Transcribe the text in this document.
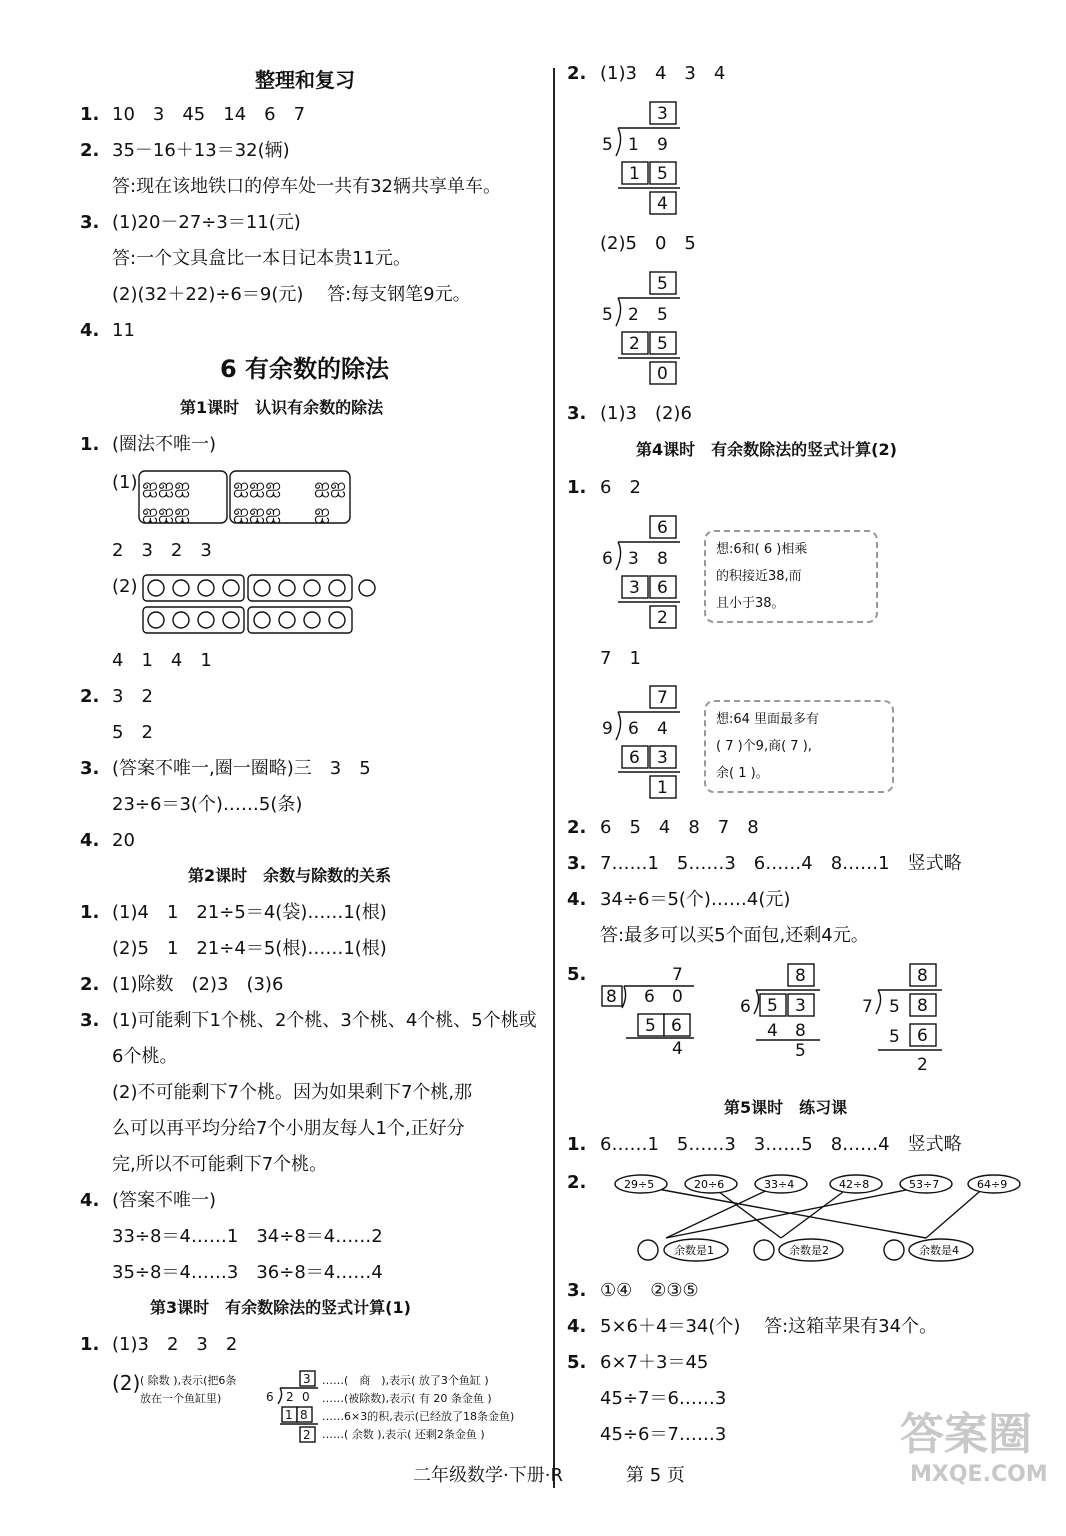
整理和复习
1. 10　3　45　14　6　7
2. 35－16＋13＝32(辆)
答:现在该地铁口的停车处一共有32辆共享单车。
3. (1)20－27÷3＝11(元)
答:一个文具盒比一本日记本贵11元。
(2)(32＋22)÷6＝9(元)　 答:每支钢笔9元。
4. 11
6 有余数的除法
第1课时　认识有余数的除法
1. (圈法不唯一)
(1) ஐஐஐ
ஐஐஐ
ஐஐஐ
ஐஐஐ
ஐஐ
ஐ
2　3　2　3
(2)
4　1　4　1
2. 3　2
5　2
3. (答案不唯一,圈一圈略)三　3　5
23÷6＝3(个)……5(条)
4. 20
第2课时　余数与除数的关系
1. (1)4　1　21÷5＝4(袋)……1(根)
(2)5　1　21÷4＝5(根)……1(根)
2. (1)除数　(2)3　(3)6
3. (1)可能剩下1个桃、2个桃、3个桃、4个桃、5个桃或
6个桃。
(2)不可能剩下7个桃。因为如果剩下7个桃,那
么可以再平均分给7个小朋友每人1个,正好分
完,所以不可能剩下7个桃。
4. (答案不唯一)
33÷8＝4……1　34÷8＝4……2
35÷8＝4……3　36÷8＝4……4
第3课时　有余数除法的竖式计算(1)
1. (1)3　2　3　2
(2) ( 除数 ),表示(把6条
放在一个鱼缸里)
……(　商　),表示( 放了3个鱼缸 )
……(被除数),表示( 有 20 条金鱼 )
……6×3的积,表示(已经放了18条金鱼)
……( 余数 ),表示( 还剩2条金鱼 )
3
6 2 0
1 8
2
2. (1)3　4　3　4
3
5 1 9
1 5
4
(2)5　0　5
5
5 2 5
2 5
0
3. (1)3　(2)6
第4课时　有余数除法的竖式计算(2)
1. 6　2
6
6 3 8
3 6
2
想:6和( 6 )相乘
的积接近38,而
且小于38。
7　1
7
9 6 4
6 3
1
想:64 里面最多有
( 7 )个9,商( 7 ),
余( 1 )。
2. 6　5　4　8　7　8
3. 7……1　5……3　6……4　8……1　竖式略
4. 34÷6＝5(个)……4(元)
答:最多可以买5个面包,还剩4元。
5.	7
8 6 0
5 6
4
8
6 5 3
4 8
5
8
7 5 8
5 6
2
第5课时　练习课
1. 6……1　5……3　3……5　8……4　竖式略
2.	29÷5	20÷6	33÷4	42÷8	53÷7	64÷9
余数是1	余数是2	余数是4
3. ①④　②③⑤
4. 5×6＋4＝34(个)　 答:这箱苹果有34个。
5. 6×7＋3＝45
45÷7＝6……3
45÷6＝7……3	答案圈
MXQE.COM
二年级数学·下册·R	第 5 页
